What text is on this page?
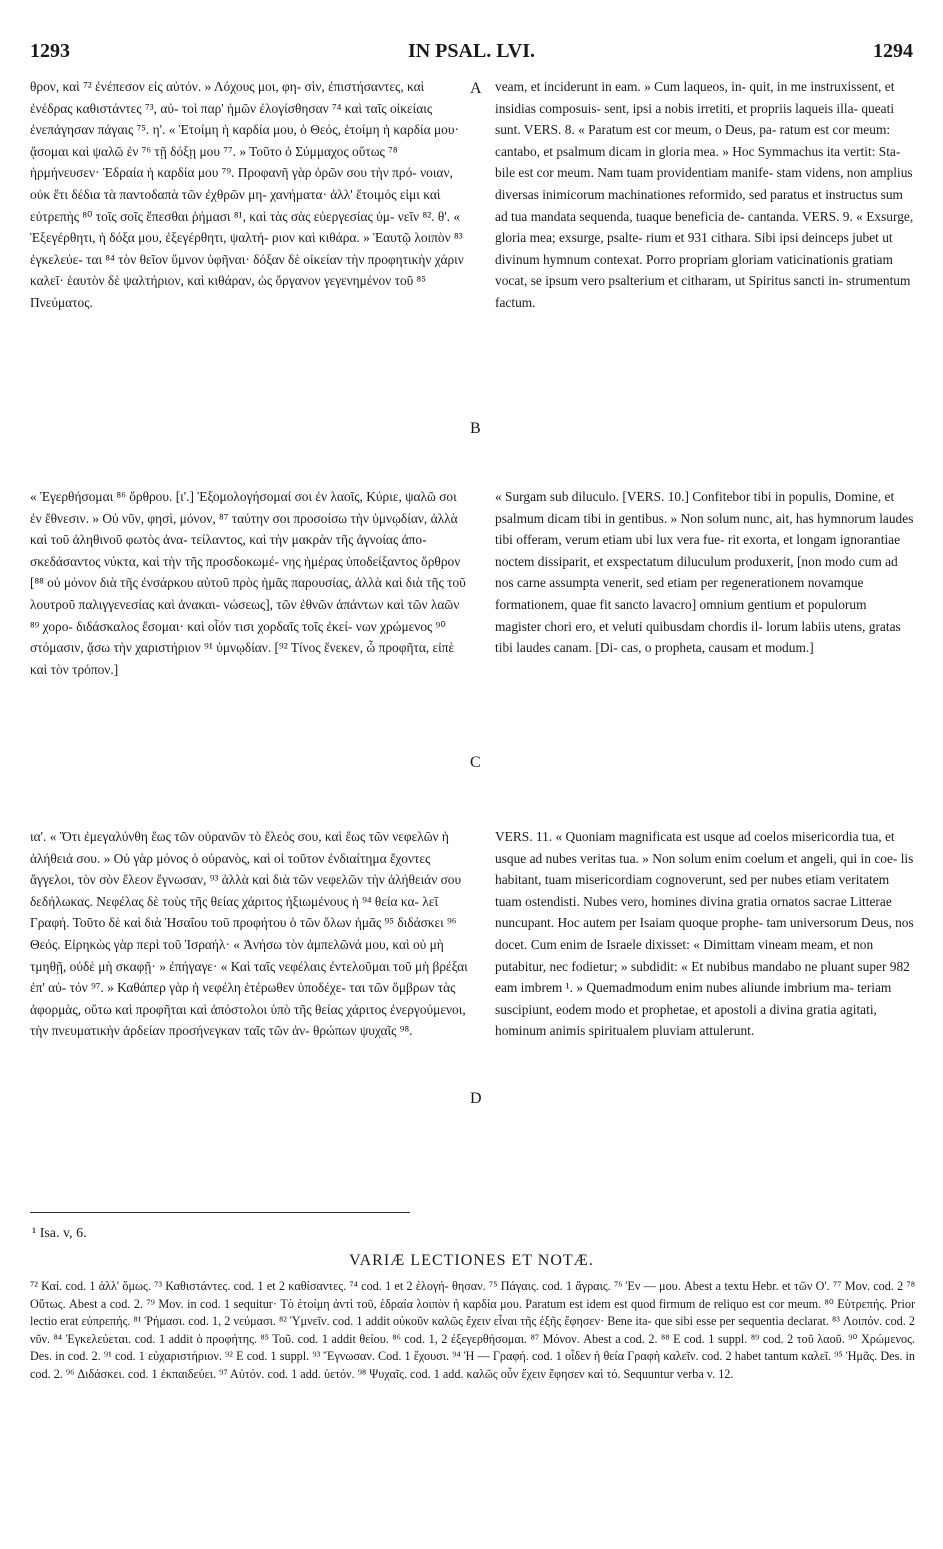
1293	IN PSAL. LVI.	1294

θρον, καὶ ⁷² ἐνέπεσον εἰς αὐτόν. » Λόχους μοι, φη- σὶν, ἐπιστήσαντες, καὶ ἐνέδρας καθιστάντες ⁷³, αὐ- τοὶ παρ' ἡμῶν ἐλογίσθησαν ⁷⁴ καὶ ταῖς οἰκείαις ἐνεπάγησαν πάγαις ⁷⁵. η'. « Ἑτοίμη ἡ καρδία μου, ὁ Θεός, ἑτοίμη ἡ καρδία μου· ᾄσομαι καὶ ψαλῶ ἐν ⁷⁶ τῇ δόξῃ μου ⁷⁷. » Τοῦτο ὁ Σύμμαχος οὕτως ⁷⁸ ἡρμήνευσεν· Ἑδραία ἡ καρδία μου ⁷⁹. Προφανῆ γὰρ ὁρῶν σου τὴν πρό- νοιαν, οὐκ ἔτι δέδια τὰ παντοδαπὰ τῶν ἐχθρῶν μη- χανήματα· ἀλλ' ἕτοιμός εἰμι καὶ εὐτρεπὴς ⁸⁰ τοῖς σοῖς ἕπεσθαι ῥήμασι ⁸¹, καὶ τὰς σὰς εὐεργεσίας ὑμ- νεῖν ⁸². θ'. « Ἐξεγέρθητι, ἡ δόξα μου, ἐξεγέρθητι, ψαλτή- ριον καὶ κιθάρα. » Ἑαυτῷ λοιπὸν ⁸³ ἐγκελεύε- ται ⁸⁴ τὸν θεῖον ὕμνον ὑφῆναι· δόξαν δὲ οἰκείαν τὴν προφητικὴν χάριν καλεῖ· ἑαυτὸν δὲ ψαλτήριον, καὶ κιθάραν, ὡς ὄργανον γεγενημένον τοῦ ⁸⁵ Πνεύματος.

veam, et inciderunt in eam. » Cum laqueos, in- quit, in me instruxissent, et insidias composuis- sent, ipsi a nobis irretiti, et propriis laqueis illa- queati sunt. VERS. 8. « Paratum est cor meum, o Deus, pa- ratum est cor meum: cantabo, et psalmum dicam in gloria mea. » Hoc Symmachus ita vertit: Sta- bile est cor meum. Nam tuam providentiam manife- stam videns, non amplius diversas inimicorum machinationes reformido, sed paratus et instructus sum ad tua mandata sequenda, tuaque beneficia de- cantanda. VERS. 9. « Exsurge, gloria mea; exsurge, psalte- rium et 931 cithara. Sibi ipsi deinceps jubet ut divinum hymnum contexat. Porro propriam gloriam vaticinationis gratiam vocat, se ipsum vero psalterium et citharam, ut Spiritus sancti in- strumentum factum.

« Ἐγερθήσομαι ⁸⁶ ὄρθρου. [ι'.] Ἐξομολογήσομαί σοι ἐν λαοῖς, Κύριε, ψαλῶ σοι ἐν ἔθνεσιν. » Οὐ νῦν, φησὶ, μόνον, ⁸⁷ ταύτην σοι προσοίσω τὴν ὑμνῳδίαν, ἀλλὰ καὶ τοῦ ἀληθινοῦ φωτὸς ἀνα- τείλαντος, καὶ τὴν μακρὰν τῆς ἀγνοίας ἀπο- σκεδάσαντος νύκτα, καὶ τὴν τῆς προσδοκωμέ- νης ἡμέρας ὑποδείξαντος ὄρθρον [⁸⁸ οὐ μόνον διὰ τῆς ἐνσάρκου αὐτοῦ πρὸς ἡμᾶς παρουσίας, ἀλλὰ καὶ διὰ τῆς τοῦ λουτροῦ παλιγγενεσίας καὶ ἀνακαι- νώσεως], τῶν ἐθνῶν ἁπάντων καὶ τῶν λαῶν ⁸⁹ χορο- διδάσκαλος ἔσομαι· καὶ οἷόν τισι χορδαῖς τοῖς ἐκεί- νων χρώμενος ⁹⁰ στόμασιν, ᾄσω τὴν χαριστήριον ⁹¹ ὑμνῳδίαν. [⁹² Τίνος ἕνεκεν, ὦ προφῆτα, εἰπὲ καὶ τὸν τρόπον.]

« Surgam sub diluculo. [VERS. 10.] Confitebor tibi in populis, Domine, et psalmum dicam tibi in gentibus. » Non solum nunc, ait, has hymnorum laudes tibi offeram, verum etiam ubi lux vera fue- rit exorta, et longam ignorantiae noctem dissiparit, et exspectatum diluculum produxerit, [non modo cum ad nos carne assumpta venerit, sed etiam per regenerationem novamque formationem, quae fit sancto lavacro] omnium gentium et populorum magister chori ero, et veluti quibusdam chordis il- lorum labiis utens, gratas tibi laudes canam. [Di- cas, o propheta, causam et modum.]

ια'. « Ὅτι ἐμεγαλύνθη ἕως τῶν οὐρανῶν τὸ ἔλεός σου, καὶ ἕως τῶν νεφελῶν ἡ ἀλήθειά σου. » Οὐ γὰρ μόνος ὁ οὐρανὸς, καὶ οἱ τοῦτον ἐνδιαίτημα ἔχοντες ἄγγελοι, τὸν σὸν ἔλεον ἔγνωσαν, ⁹³ ἀλλὰ καὶ διὰ τῶν νεφελῶν τὴν ἀλήθειάν σου δεδήλωκας. Νεφέλας δὲ τοὺς τῆς θείας χάριτος ἠξιωμένους ἡ ⁹⁴ θεία κα- λεῖ Γραφή. Τοῦτο δὲ καὶ διὰ Ἠσαΐου τοῦ προφήτου ὁ τῶν ὅλων ἡμᾶς ⁹⁵ διδάσκει ⁹⁶ Θεός. Εἰρηκὼς γὰρ περὶ τοῦ Ἰσραήλ· « Ἀνήσω τὸν ἀμπελῶνά μου, καὶ οὐ μὴ τμηθῇ, οὐδὲ μὴ σκαφῇ· » ἐπήγαγε· « Καὶ ταῖς νεφέλαις ἐντελοῦμαι τοῦ μὴ βρέξαι ἐπ' αὐ- τόν ⁹⁷. » Καθάπερ γὰρ ἡ νεφέλη ἑτέρωθεν ὑποδέχε- ται τῶν ὄμβρων τὰς ἀφορμὰς, οὕτω καὶ προφῆται καὶ ἀπόστολοι ὑπὸ τῆς θείας χάριτος ἐνεργούμενοι, τὴν πνευματικὴν ἀρδείαν προσήνεγκαν ταῖς τῶν ἀν- θρώπων ψυχαῖς ⁹⁸.

VERS. 11. « Quoniam magnificata est usque ad coelos misericordia tua, et usque ad nubes veritas tua. » Non solum enim coelum et angeli, qui in coe- lis habitant, tuam misericordiam cognoverunt, sed per nubes etiam veritatem tuam ostendisti. Nubes vero, homines divina gratia ornatos sacrae Litterae nuncupant. Hoc autem per Isaiam quoque prophe- tam universorum Deus, nos docet. Cum enim de Israele dixisset: « Dimittam vineam meam, et non putabitur, nec fodietur; » subdidit: « Et nubibus mandabo ne pluant super 982 eam imbrem ¹. » Quemadmodum enim nubes aliunde imbrium ma- teriam suscipiunt, eodem modo et prophetae, et apostoli a divina gratia agitati, hominum animis spiritualem pluviam attulerunt.

A
B
C
D
¹ Isa. v, 6.
VARIÆ LECTIONES ET NOTÆ.

⁷² Καί. cod. 1 ἀλλ' ὅμως. ⁷³ Καθιστάντες. cod. 1 et 2 καθίσαντες. ⁷⁴ cod. 1 et 2 ἐλογή- θησαν. ⁷⁵ Πάγαις. cod. 1 ἄγραις. ⁷⁶ Ἐν — μου. Abest a textu Hebr. et τῶν Ο'. ⁷⁷ Mov. cod. 2 ⁷⁸ Οὕτως. Abest a cod. 2. ⁷⁹ Mov. in cod. 1 sequitur· Τὸ ἑτοίμη ἀντὶ τοῦ, ἑδραία λοιπὸν ἡ καρδία μου. Paratum est idem est quod firmum de reliquo est cor meum. ⁸⁰ Εὐτρεπής. Prior lectio erat εὐπρεπής. ⁸¹ Ῥήμασι. cod. 1, 2 νεύμασι. ⁸² Ὑμνεῖν. cod. 1 addit οὐκοῦν καλῶς ἔχειν εἶναι τῆς ἑξῆς ἔφησεν· Bene ita- que sibi esse per sequentia declarat. ⁸³ Λοιπόν. cod. 2 νῦν. ⁸⁴ Ἐγκελεύεται. cod. 1 addit ὁ προφήτης. ⁸⁵ Τοῦ. cod. 1 addit θείου. ⁸⁶ cod. 1, 2 ἐξεγερθήσομαι. ⁸⁷ Μόνον. Abest a cod. 2. ⁸⁸ E cod. 1 suppl. ⁸⁹ cod. 2 τοῦ λαοῦ. ⁹⁰ Χρώμενος. Des. in cod. 2. ⁹¹ cod. 1 εὐχαριστήριον. ⁹² E cod. 1 suppl. ⁹³ Ἔγνωσαν. Cod. 1 ἔχουσι. ⁹⁴ Ἡ — Γραφή. cod. 1 οἶδεν ἡ θεία Γραφὴ καλεῖν. cod. 2 habet tantum καλεῖ. ⁹⁵ Ἡμᾶς. Des. in cod. 2. ⁹⁶ Διδάσκει. cod. 1 ἐκπαιδεύει. ⁹⁷ Αὐτόν. cod. 1 add. ὑετόν. ⁹⁸ Ψυχαῖς. cod. 1 add. καλῶς οὖν ἔχειν ἔφησεν καὶ τό. Sequuntur verba v. 12.
